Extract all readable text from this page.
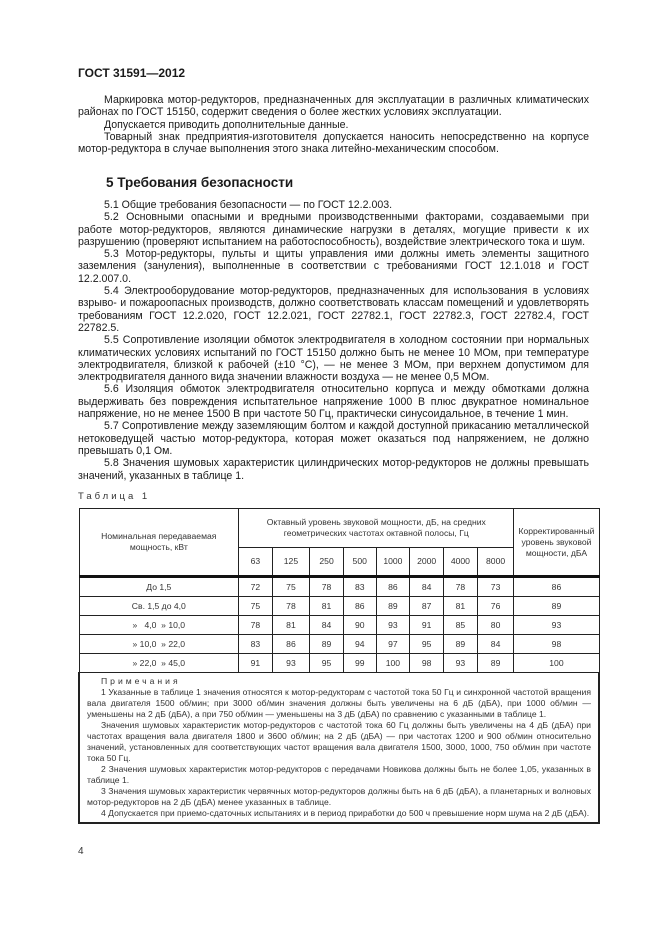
ГОСТ 31591—2012

Маркировка мотор-редукторов, предназначенных для эксплуатации в различных климатических районах по ГОСТ 15150, содержит сведения о более жестких условиях эксплуатации.

Допускается приводить дополнительные данные.

Товарный знак предприятия-изготовителя допускается наносить непосредственно на корпусе мотор-редуктора в случае выполнения этого знака литейно-механическим способом.

5 Требования безопасности

5.1 Общие требования безопасности — по ГОСТ 12.2.003.

5.2 Основными опасными и вредными производственными факторами, создаваемыми при работе мотор-редукторов, являются динамические нагрузки в деталях, могущие привести к их разрушению (проверяют испытанием на работоспособность), воздействие электрического тока и шум.

5.3 Мотор-редукторы, пульты и щиты управления ими должны иметь элементы защитного заземления (зануления), выполненные в соответствии с требованиями ГОСТ 12.1.018 и ГОСТ 12.2.007.0.

5.4 Электрооборудование мотор-редукторов, предназначенных для использования в условиях взрыво- и пожароопасных производств, должно соответствовать классам помещений и удовлетворять требованиям ГОСТ 12.2.020, ГОСТ 12.2.021, ГОСТ 22782.1, ГОСТ 22782.3, ГОСТ 22782.4, ГОСТ 22782.5.

5.5 Сопротивление изоляции обмоток электродвигателя в холодном состоянии при нормальных климатических условиях испытаний по ГОСТ 15150 должно быть не менее 10 МОм, при температуре электродвигателя, близкой к рабочей (±10 °С), — не менее 3 МОм, при верхнем допустимом для электродвигателя данного вида значении влажности воздуха — не менее 0,5 МОм.

5.6 Изоляция обмоток электродвигателя относительно корпуса и между обмотками должна выдерживать без повреждения испытательное напряжение 1000 В плюс двукратное номинальное напряжение, но не менее 1500 В при частоте 50 Гц, практически синусоидальное, в течение 1 мин.

5.7 Сопротивление между заземляющим болтом и каждой доступной прикасанию металлической нетоковедущей частью мотор-редуктора, которая может оказаться под напряжением, не должно превышать 0,1 Ом.

5.8 Значения шумовых характеристик цилиндрических мотор-редукторов не должны превышать значений, указанных в таблице 1.

Таблица 1
Номинальная передаваемая мощность, кВт	Октавный уровень звуковой мощности, дБ, на средних геометрических частотах октавной полосы, Гц								Корректированный уровень звуковой мощности, дБА
	63	125	250	500	1000	2000	4000	8000	
До 1,5	72	75	78	83	86	84	78	73	86
Св. 1,5 до 4,0	75	78	81	86	89	87	81	76	89
»   4,0  » 10,0	78	81	84	90	93	91	85	80	93
» 10,0  » 22,0	83	86	89	94	97	95	89	84	98
» 22,0  » 45,0	91	93	95	99	100	98	93	89	100

Примечания

1 Указанные в таблице 1 значения относятся к мотор-редукторам с частотой тока 50 Гц и синхронной частотой вращения вала двигателя 1500 об/мин; при 3000 об/мин значения должны быть увеличены на 6 дБ (дБА), при 1000 об/мин — уменьшены на 2 дБ (дБА), а при 750 об/мин — уменьшены на 3 дБ (дБА) по сравнению с указанными в таблице 1.

Значения шумовых характеристик мотор-редукторов с частотой тока 60 Гц должны быть увеличены на 4 дБ (дБА) при частотах вращения вала двигателя 1800 и 3600 об/мин; на 2 дБ (дБА) — при частотах 1200 и 900 об/мин относительно значений, установленных для соответствующих частот вращения вала двигателя 1500, 3000, 1000, 750 об/мин при частоте тока 50 Гц.

2 Значения шумовых характеристик мотор-редукторов с передачами Новикова должны быть не более 1,05, указанных в таблице 1.

3 Значения шумовых характеристик червячных мотор-редукторов должны быть на 6 дБ (дБА), а планетарных и волновых мотор-редукторов на 2 дБ (дБА) менее указанных в таблице.

4 Допускается при приемо-сдаточных испытаниях и в период приработки до 500 ч превышение норм шума на 2 дБ (дБА).

4
